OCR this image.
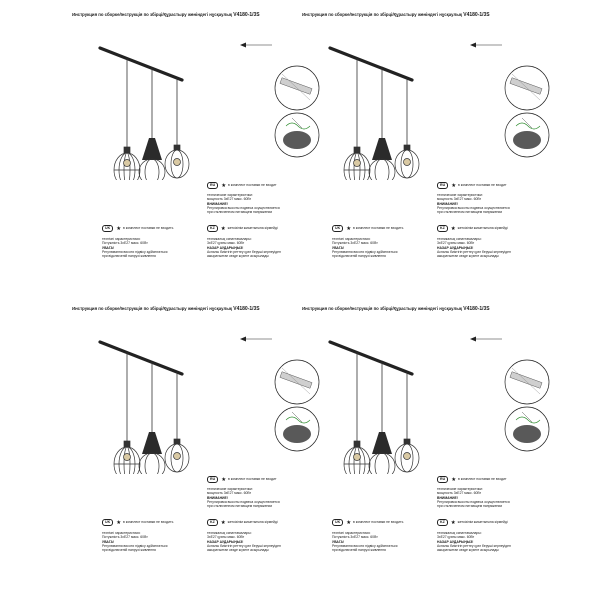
Инструкция по сборке/Інструкція по збірці/Құрастыру жөніндегі нұсқаулық V4180-1/3S
RU ★ в комплект поставки не входит
технические характеристики:
мощность 3xE27 макс. 60Вт
ВНИМАНИЕ!
Регулировка высоты подвеса осуществляется
при отключенном питающем напряжении
UK ★ в комплект поставки не входить	KZ ★ жеткізілім жиынтығына кірмейді
технічні характеристики:
Потужність 3xE27 макс. 60Вт
УВАГА!
Регулювання висоти підвісу здійснюється
при відключеній напрузі живлення
техникалық сипаттамалары:
3xE27 қуаты макс. 60Вт
НАЗАР АУДАРЫҢЫЗ!
Аспалы биіктігін реттеу қуат берушi кернеуiден
ажыратылған кезде жүзеге асырылады
Инструкция по сборке/Інструкція по збірці/Құрастыру жөніндегі нұсқаулық V4180-1/3S
RU ★ в комплект поставки не входит
технические характеристики:
мощность 3xE27 макс. 60Вт
ВНИМАНИЕ!
Регулировка высоты подвеса осуществляется
при отключенном питающем напряжении
UK ★ в комплект поставки не входить	KZ ★ жеткізілім жиынтығына кірмейді
технічні характеристики:
Потужність 3xE27 макс. 60Вт
УВАГА!
Регулювання висоти підвісу здійснюється
при відключеній напрузі живлення
техникалық сипаттамалары:
3xE27 қуаты макс. 60Вт
НАЗАР АУДАРЫҢЫЗ!
Аспалы биіктігін реттеу қуат берушi кернеуiден
ажыратылған кезде жүзеге асырылады
Инструкция по сборке/Інструкція по збірці/Құрастыру жөніндегі нұсқаулық V4180-1/3S
RU ★ в комплект поставки не входит
технические характеристики:
мощность 3xE27 макс. 60Вт
ВНИМАНИЕ!
Регулировка высоты подвеса осуществляется
при отключенном питающем напряжении
UK ★ в комплект поставки не входить	KZ ★ жеткізілім жиынтығына кірмейді
технічні характеристики:
Потужність 3xE27 макс. 60Вт
УВАГА!
Регулювання висоти підвісу здійснюється
при відключеній напрузі живлення
техникалық сипаттамалары:
3xE27 қуаты макс. 60Вт
НАЗАР АУДАРЫҢЫЗ!
Аспалы биіктігін реттеу қуат берушi кернеуiден
ажыратылған кезде жүзеге асырылады
Инструкция по сборке/Інструкція по збірці/Құрастыру жөніндегі нұсқаулық V4180-1/3S
RU ★ в комплект поставки не входит
технические характеристики:
мощность 3xE27 макс. 60Вт
ВНИМАНИЕ!
Регулировка высоты подвеса осуществляется
при отключенном питающем напряжении
UK ★ в комплект поставки не входить	KZ ★ жеткізілім жиынтығына кірмейді
технічні характеристики:
Потужність 3xE27 макс. 60Вт
УВАГА!
Регулювання висоти підвісу здійснюється
при відключеній напрузі живлення
техникалық сипаттамалары:
3xE27 қуаты макс. 60Вт
НАЗАР АУДАРЫҢЫЗ!
Аспалы биіктігін реттеу қуат берушi кернеуiден
ажыратылған кезде жүзеге асырылады
